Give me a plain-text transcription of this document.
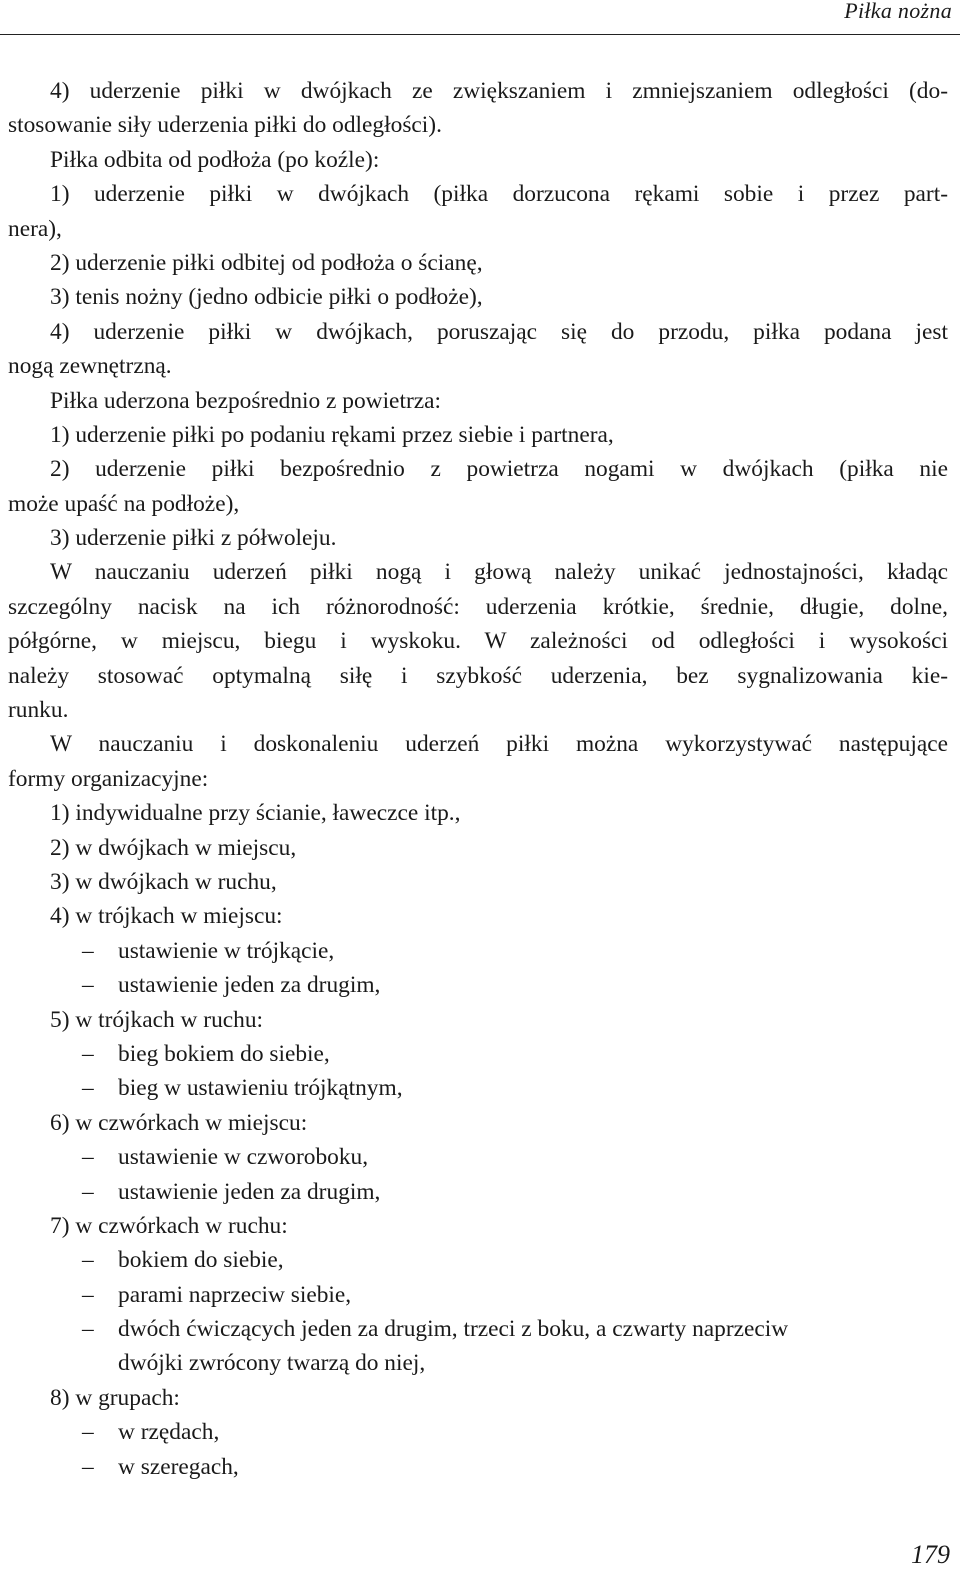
Piłka nożna
4) uderzenie piłki w dwójkach ze zwiększaniem i zmniejszaniem odległości (do-
stosowanie siły uderzenia piłki do odległości).
Piłka odbita od podłoża (po koźle):
1) uderzenie piłki w dwójkach (piłka dorzucona rękami sobie i przez part-
nera),
2) uderzenie piłki odbitej od podłoża o ścianę,
3) tenis nożny (jedno odbicie piłki o podłoże),
4) uderzenie piłki w dwójkach, poruszając się do przodu, piłka podana jest
nogą zewnętrzną.
Piłka uderzona bezpośrednio z powietrza:
1) uderzenie piłki po podaniu rękami przez siebie i partnera,
2) uderzenie piłki bezpośrednio z powietrza nogami w dwójkach (piłka nie
może upaść na podłoże),
3) uderzenie piłki z półwoleju.
W nauczaniu uderzeń piłki nogą i głową należy unikać jednostajności, kładąc
szczególny nacisk na ich różnorodność: uderzenia krótkie, średnie, długie, dolne,
półgórne, w miejscu, biegu i wyskoku. W zależności od odległości i wysokości
należy stosować optymalną siłę i szybkość uderzenia, bez sygnalizowania kie-
runku.
W nauczaniu i doskonaleniu uderzeń piłki można wykorzystywać następujące
formy organizacyjne:
1) indywidualne przy ścianie, ławeczce itp.,
2) w dwójkach w miejscu,
3) w dwójkach w ruchu,
4) w trójkach w miejscu:
– ustawienie w trójkącie,
– ustawienie jeden za drugim,
5) w trójkach w ruchu:
– bieg bokiem do siebie,
– bieg w ustawieniu trójkątnym,
6) w czwórkach w miejscu:
– ustawienie w czworoboku,
– ustawienie jeden za drugim,
7) w czwórkach w ruchu:
– bokiem do siebie,
– parami naprzeciw siebie,
– dwóch ćwiczących jeden za drugim, trzeci z boku, a czwarty naprzeciw
dwójki zwrócony twarzą do niej,
8) w grupach:
– w rzędach,
– w szeregach,
179
